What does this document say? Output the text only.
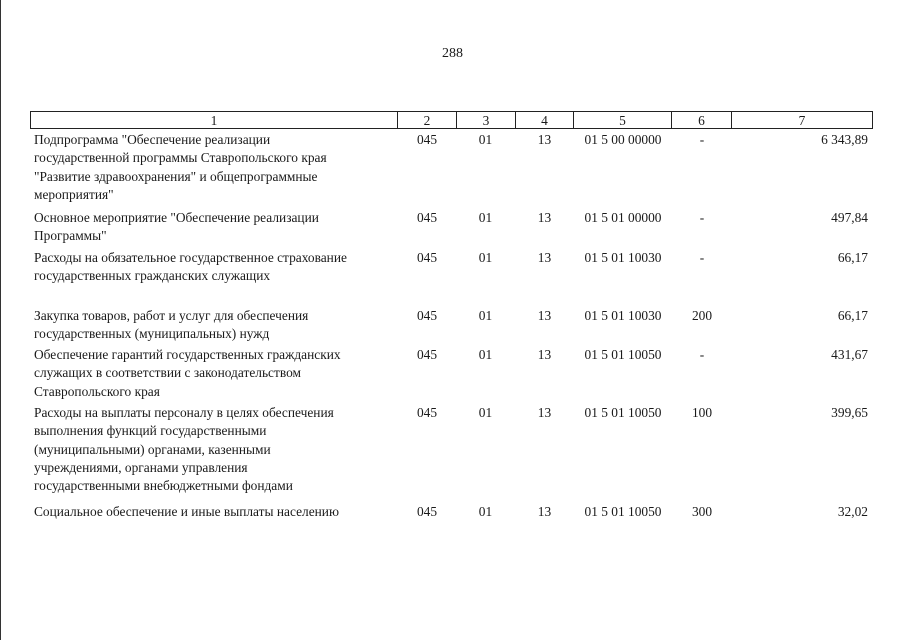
288
1	2	3	4	5	6	7
Подпрограмма "Обеспечение реализации
государственной программы Ставропольского края
"Развитие здравоохранения" и общепрограммные
мероприятия"
045	01	13	01 5 00 00000	-	6 343,89
Основное мероприятие "Обеспечение реализации
Программы"
045	01	13	01 5 01 00000	-	497,84
Расходы на обязательное государственное страхование
государственных гражданских служащих
045	01	13	01 5 01 10030	-	66,17
Закупка товаров, работ и услуг для обеспечения
государственных (муниципальных) нужд
045	01	13	01 5 01 10030	200	66,17
Обеспечение гарантий государственных гражданских
служащих в соответствии с законодательством
Ставропольского края
045	01	13	01 5 01 10050	-	431,67
Расходы на выплаты персоналу в целях обеспечения
выполнения функций государственными
(муниципальными) органами, казенными
учреждениями, органами управления
государственными внебюджетными фондами
045	01	13	01 5 01 10050	100	399,65
Социальное обеспечение и иные выплаты населению	045	01	13	01 5 01 10050	300	32,02
